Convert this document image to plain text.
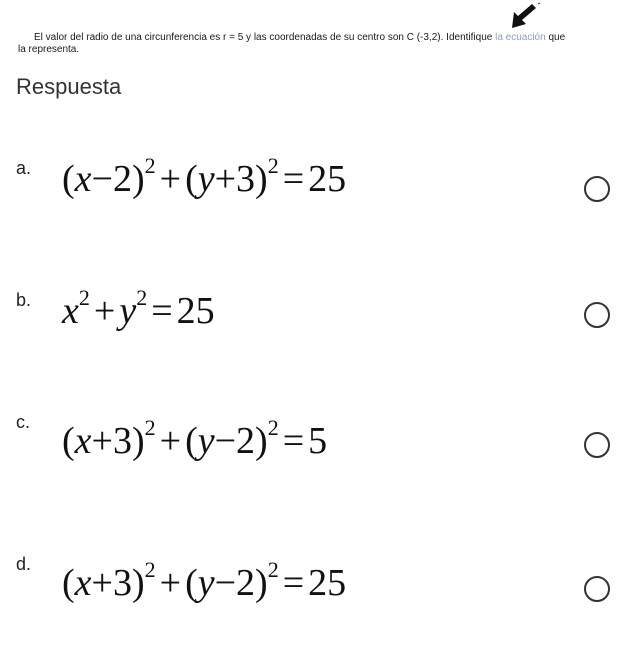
El valor del radio de una circunferencia es r = 5 y las coordenadas de su centro son C (-3,2). Identifique la ecuación que
la representa.
Respuesta
a. $(x-2)^2 + (y+3)^2 = 25$
b. $x^2 + y^2 = 25$
c. $(x+3)^2 + (y-2)^2 = 5$
d. $(x+3)^2 + (y-2)^2 = 25$
